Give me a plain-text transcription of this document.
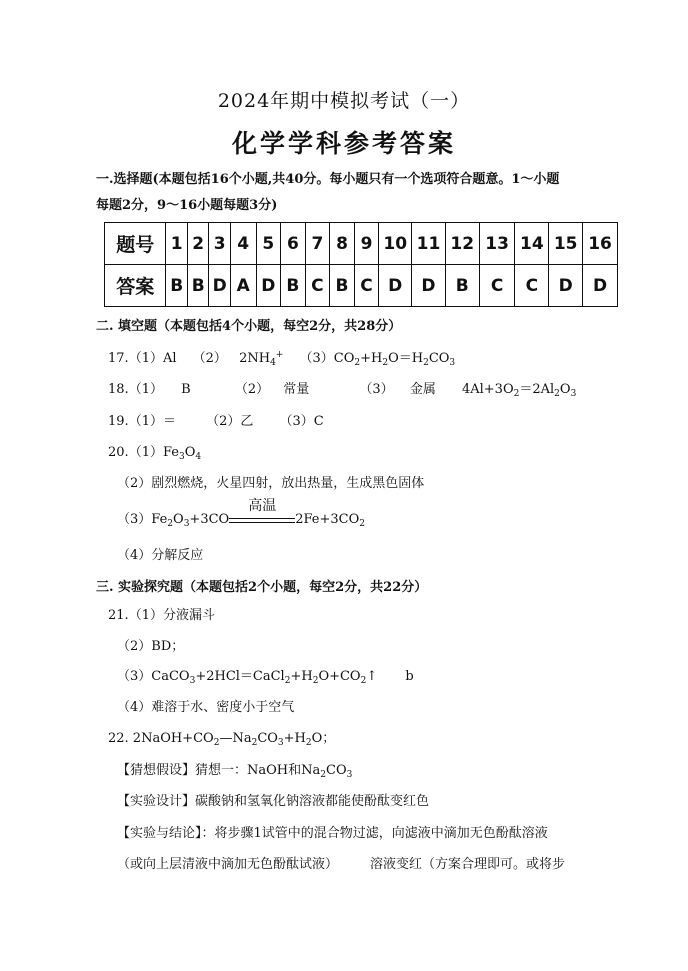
2024年期中模拟考试（一）
化学学科参考答案
一.选择题(本题包括16个小题,共40分。每小题只有一个选项符合题意。1～小题
每题2分，9～16小题每题3分)
题号	1	2	3	4	5	6	7	8	9	10	11	12	13	14	15	16
答案	B	B	D	A	D	B	C	B	C	D	D	B	C	C	D	D
二. 填空题（本题包括4个小题，每空2分，共28分）
17.（1）Al （2） $2NH_4^+$ $(3)CO_2+H_2O=H_2CO_3$
18.（1） B	（2） 常量	（3） 金属 $4Al+3O_2=2Al_2O_3$
19.（1）＝ （2）乙 （3）C
$20.(1)Fe_3O_4$
（2）剧烈燃烧，火星四射，放出热量，生成黑色固体
$(3)Fe_2O_3+3CO$
高温
$2Fe+3CO_2$
（4）分解反应
三. 实验探究题（本题包括2个小题，每空2分，共22分）
21.（1）分液漏斗
（2）BD；
$(3)CaCO_3+2HCl=CaCl_2+H_2O+CO_2↑$ b
（4）难溶于水、密度小于空气
22. $2NaOH+CO_2—Na_2CO_3+H_2O$；
【猜想假设】猜想一：NaOH和$Na_2CO_3$
【实验设计】碳酸钠和氢氧化钠溶液都能使酚酞变红色
【实验与结论】：将步骤1试管中的混合物过滤，向滤液中滴加无色酚酞溶液
（或向上层清液中滴加无色酚酞试液） 溶液变红（方案合理即可。或将步
